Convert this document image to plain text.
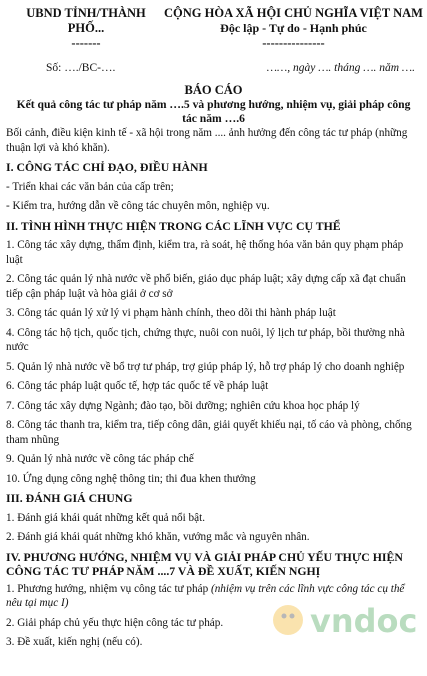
UBND TỈNH/THÀNH
PHỐ...
-------
CỘNG HÒA XÃ HỘI CHỦ NGHĨA VIỆT NAM
Độc lập - Tự do - Hạnh phúc
---------------
Số: …./BC-….	……, ngày …. tháng …. năm ….
BÁO CÁO
Kết quả công tác tư pháp năm ….5 và phương hướng, nhiệm vụ, giải pháp công tác năm ….6

Bối cảnh, điều kiện kinh tế - xã hội trong năm .... ảnh hưởng đến công tác tư pháp (những thuận lợi và khó khăn).

I. CÔNG TÁC CHỈ ĐẠO, ĐIỀU HÀNH

- Triển khai các văn bản của cấp trên;

- Kiểm tra, hướng dẫn về công tác chuyên môn, nghiệp vụ.

II. TÌNH HÌNH THỰC HIỆN TRONG CÁC LĨNH VỰC CỤ THỂ

1. Công tác xây dựng, thẩm định, kiểm tra, rà soát, hệ thống hóa văn bản quy phạm pháp luật

2. Công tác quản lý nhà nước về phổ biến, giáo dục pháp luật; xây dựng cấp xã đạt chuẩn tiếp cận pháp luật và hòa giải ở cơ sở

3. Công tác quản lý xử lý vi phạm hành chính, theo dõi thi hành pháp luật

4. Công tác hộ tịch, quốc tịch, chứng thực, nuôi con nuôi, lý lịch tư pháp, bồi thường nhà nước

5. Quản lý nhà nước về bổ trợ tư pháp, trợ giúp pháp lý, hỗ trợ pháp lý cho doanh nghiệp

6. Công tác pháp luật quốc tế, hợp tác quốc tế về pháp luật

7. Công tác xây dựng Ngành; đào tạo, bồi dưỡng; nghiên cứu khoa học pháp lý

8. Công tác thanh tra, kiểm tra, tiếp công dân, giải quyết khiếu nại, tố cáo và phòng, chống tham nhũng

9. Quản lý nhà nước về công tác pháp chế

10. Ứng dụng công nghệ thông tin; thi đua khen thưởng

III. ĐÁNH GIÁ CHUNG

1. Đánh giá khái quát những kết quả nổi bật.

2. Đánh giá khái quát những khó khăn, vướng mắc và nguyên nhân.

IV. PHƯƠNG HƯỚNG, NHIỆM VỤ VÀ GIẢI PHÁP CHỦ YẾU THỰC HIỆN CÔNG TÁC TƯ PHÁP NĂM ....7 VÀ ĐỀ XUẤT, KIẾN NGHỊ

1. Phương hướng, nhiệm vụ công tác tư pháp (nhiệm vụ trên các lĩnh vực công tác cụ thể nêu tại mục I)

2. Giải pháp chủ yếu thực hiện công tác tư pháp.

3. Đề xuất, kiến nghị (nếu có).

vndoc
